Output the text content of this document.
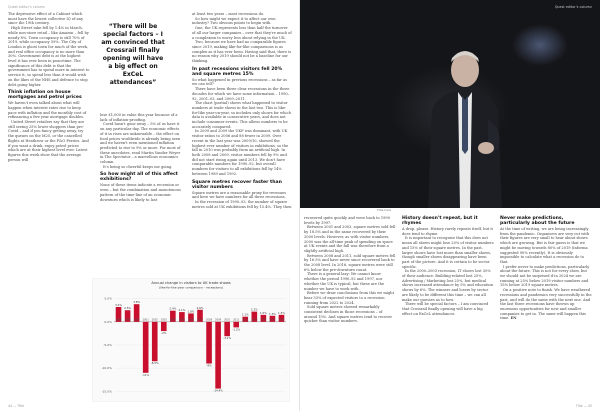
Quest editor's column

The depressive effect of a Cabinet which must have the lowest collective IQ of any since the 19th century.

High Street take fell by 1.4% in March, while non-store retail – like Amazon – fell by nearly 8%. Town occupancy is still 70% of 2019, while occupancy 59%. The City of London is ghost town for much of the week, and real office occupancy is no more than 30%. Government debt is at the highest level it has ever been in peacetime. The significance of this debt is that the government has to spend more in interest to service it, so spend less than it would wish on the likes of the NHS and defence to stop debt going higher.

Think inflation on house mortgages and petrol prices

We haven't even talked about what will happen when interest rates rise to keep pace with inflation and the monthly cost of refinancing a five year mortgage doubles.

United Street retailers say that they are still seeing 25% lower shoppers than pre-Covid – and if you fancy getting away, try the queues on the M25, or the cancelled flights at Heathrow or the P&O Ferries. And if you want a drink, enjoy petrol prices which are at their highest level ever. Latest figures this week show that the average person will

“There will be special factors – I am convinced that Crossrail finally opening will have a big effect on ExCeL attendances”

lose £1,000 in value this year because of a lack of inflation-proofing.

Covid hasn't gone away – 5% of us have it on any particular day. The economic effects of it in rises are unknowable – the effect on food prices worldwide is already being seen and we haven't even mentioned inflation predicted to rise to 9% or more. For most of these anecdotes, read Martin Vander Weyer in The Spectator – a marvellous economics column.

It's being so cheerful keeps me going.

So how might all of this affect exhibitions?

None of these items indicate a recession or even – but the combination and monotonous pattern of the time-line of an economic downturn which is likely to last

at least two years – most recessions do.

So how might we expect it to affect our own industry? Two obvious points to begin with.

One, the UK represents less than half the turnover of all our larger companies – over that they're much of a complexion to worry less about relying in the UK.

Two, because we have had no comparable figures since 2019, making like-for-like comparisons is as complex as it has ever been. Having said that, there is no reason why 2019 should not be a baseline for our thinking.

In past recessions visitors fell 20% and square metres 15%

So what happened in previous recessions – as far as we can tell?

There have been three clear recessions in the three decades for which we have some information – 1990–92, 2001–03, and 2009–2011.

The chart (partial) shows what happened to visitor numbers at trade shows in the last two. This is like-for-like year-on-year, so includes only shows for which data is available in consecutive years, and does not include consumer events. This allows numbers to be accurately compared.

In 2009 and 2009 the UKF was dominant, with UK visitor ratios to 2006 and 88 fewer in 2009. Over recent in the last year was 2009/10, showed the highest ever number of visitors in exhibitions, so the fall in 2010 was probably from an artificial high. In both 2008 and 2009, visitor numbers fell by 9% and did not start rising again until 2013. We don't have comparable numbers for 1990–92, but overall numbers for visitors to all exhibitions fell by 14% between 1989 and 1992.

Square metres recover faster than visitor numbers

Square metres are a reasonable proxy for revenues and here we have numbers for all three recessions.

In the recession of 1990–93, the number of square metres sold at UK exhibitions fell by 15.4%. They then

Annual change in visitors to UK trade shows
(like-for-like year comparison – recessions)
5.0%
0.0%
-5.0%
-10.0%
-15.0%
3.2%
2.5%
3.8%
-11%
-8.5%
-2%
2.4% 2.1% 1.8%
2.6%
-9%
-14.4%
-3.1%
-1.2%
1.1%
2.2%
1.5% 1.3% 1.5%
1998 1999 2000 2001 2002 2003 2004 2005 2006 2007 2008 2009 2010 2011 2012 2013 2014 2015 2016
44 — Title
Title here
Quest editor's column

recovered quite quickly and were back to 1990 levels by 1997.

Between 2001 and 2003, square metres sold fell by 18.5% and in the same recovered by their 2000 levels. However, as with visitor numbers, 2000 was the all-time peak of spending on space at UK events and the fall was therefore from a slightly artificial high.

Between 2008 and 2011, sold square metres fell by 16.5% and have never since recovered back to the 2008 level. In 2016, square metres were still 6% below the pre-downturn count.

There is a general lazy: We cannot know whether the period 1990–92 and 1997, nor whether the UK is typical, but these are the number we have to work with.

Before we draw conclusions from this we might bear 33% of expected visitors to a recession running from 2022 to 2024.

Sold square metres showed remarkably consistent declines in those recessions – of around 15%. And square metres tend to recover quicker than visitor numbers.

History doesn't repeat, but it rhymes

A drop, please. History rarely repeats itself, but it does tend to rhyme.

It is important to recognise that this does not mean all shows might lose 20% of visitor numbers and 15% of their square metres. In the past, larger shows have lost more than smaller shows, though smaller shows disappearing have been part of the picture. And it is certain to be sector specific.

In the 2000–2003 recession, IT shows lost 30% of their audience. Building-related lost 25%, Advertising / Marketing lost 25%, but medical shows increased attendance by 5% and education shows by 6%. The winners and losers by sector are likely to be different this time – we can all make our guesses as to how.

There will be special factors – I am convinced that Crossrail finally opening will have a big effect on ExCeL attendances.

Never make predictions, particularly about the future

At the time of writing, we are being increasingly from the pandemic. Organisers are very cut with their figures are very small to hear about shows which are growing. But is fair guess is that we might be moving towards 80% of 2019 (Informa suggested 90% recently). It is obviously impossible to calculate what a recession do to that.

I prefer never to make predictions, particularly about the future. This is not for every show, but we should not be surprised if in 2024 we are running at 25% below 2019 visitor numbers and 15% below 2019 square metres.

On a positive note to finish. We have weathered recessions and pandemics very successfully in the past, and will do the same with the next one. And the last three recessions have thrown up enormous opportunities for new and smaller companies to get in. The same will happen this time. EN

Title — 45
